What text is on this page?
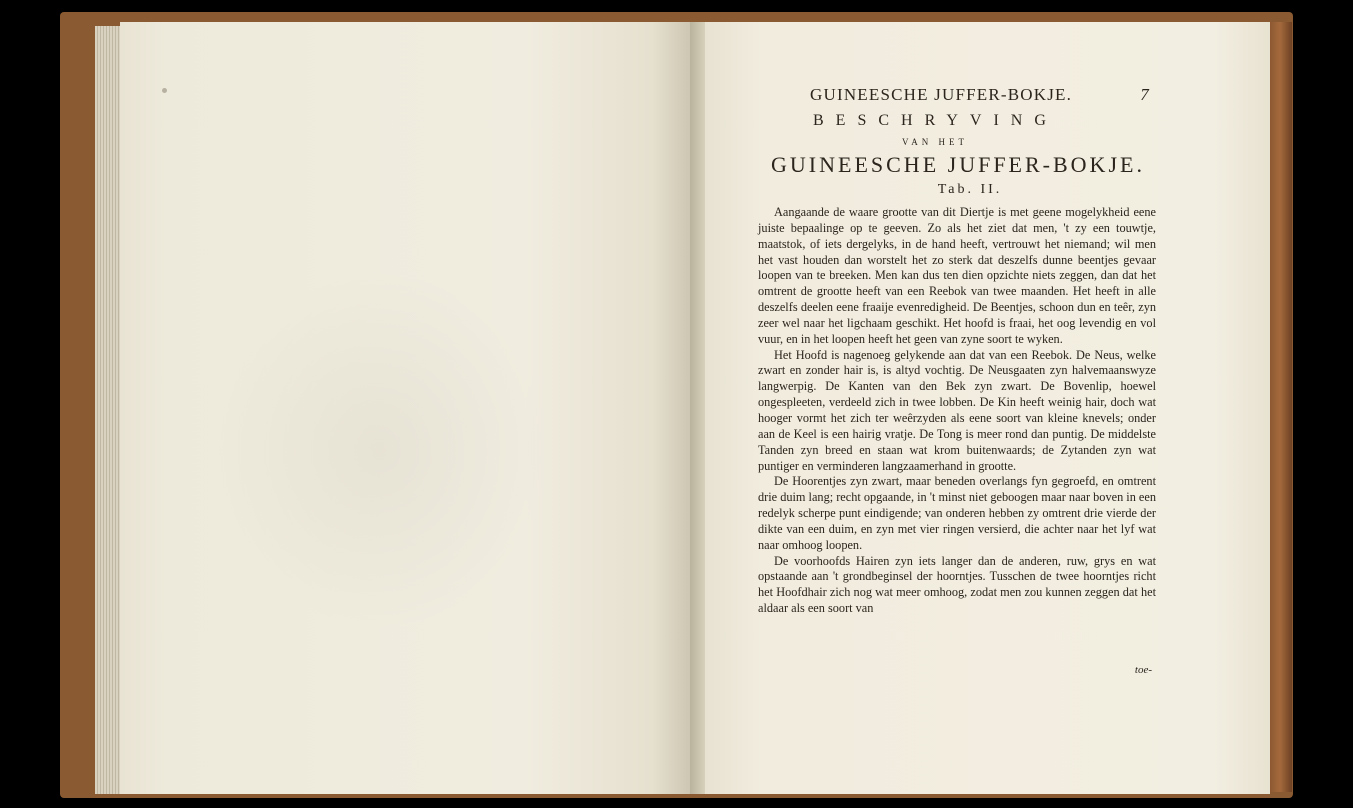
GUINEESCHE JUFFER-BOKJE.	7
BESCHRYVING
VAN HET
GUINEESCHE JUFFER-BOKJE.
Tab. II.

Aangaande de waare grootte van dit Diertje is met geene mogelykheid eene juiste bepaalinge op te geeven. Zo als het ziet dat men, 't zy een touwtje, maatstok, of iets dergelyks, in de hand heeft, vertrouwt het niemand; wil men het vast houden dan worstelt het zo sterk dat deszelfs dunne beentjes gevaar loopen van te breeken. Men kan dus ten dien opzichte niets zeggen, dan dat het omtrent de grootte heeft van een Reebok van twee maanden. Het heeft in alle deszelfs deelen eene fraaije evenredigheid. De Beentjes, schoon dun en teêr, zyn zeer wel naar het ligchaam geschikt. Het hoofd is fraai, het oog levendig en vol vuur, en in het loopen heeft het geen van zyne soort te wyken.

Het Hoofd is nagenoeg gelykende aan dat van een Reebok. De Neus, welke zwart en zonder hair is, is altyd vochtig. De Neusgaaten zyn halvemaanswyze langwerpig. De Kanten van den Bek zyn zwart. De Bovenlip, hoewel ongespleeten, verdeeld zich in twee lobben. De Kin heeft weinig hair, doch wat hooger vormt het zich ter weêrzyden als eene soort van kleine knevels; onder aan de Keel is een hairig vratje. De Tong is meer rond dan puntig. De middelste Tanden zyn breed en staan wat krom buitenwaards; de Zytanden zyn wat puntiger en verminderen langzaamerhand in grootte.

De Hoorentjes zyn zwart, maar beneden overlangs fyn gegroefd, en omtrent drie duim lang; recht opgaande, in 't minst niet geboogen maar naar boven in een redelyk scherpe punt eindigende; van onderen hebben zy omtrent drie vierde der dikte van een duim, en zyn met vier ringen versierd, die achter naar het lyf wat naar omhoog loopen.

De voorhoofds Hairen zyn iets langer dan de anderen, ruw, grys en wat opstaande aan 't grondbeginsel der hoorntjes. Tusschen de twee hoorntjes richt het Hoofdhair zich nog wat meer omhoog, zodat men zou kunnen zeggen dat het aldaar als een soort van

toe-
